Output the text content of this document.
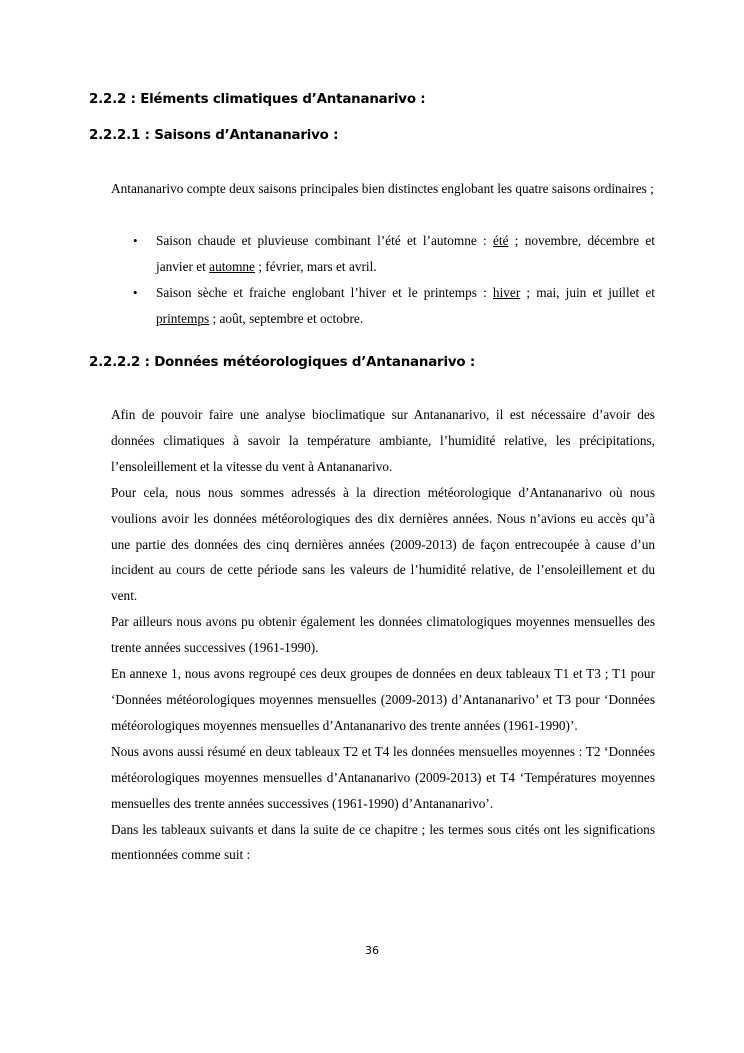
2.2.2 : Eléments climatiques d’Antananarivo :
2.2.2.1 : Saisons d’Antananarivo :

Antananarivo compte deux saisons principales bien distinctes englobant les quatre saisons ordinaires ;

• Saison chaude et pluvieuse combinant l’été et l’automne : été ; novembre, décembre et janvier et automne ; février, mars et avril.
• Saison sèche et fraiche englobant l’hiver et le printemps : hiver ; mai, juin et juillet et printemps ; août, septembre et octobre.
2.2.2.2 : Données météorologiques d’Antananarivo :

Afin de pouvoir faire une analyse bioclimatique sur Antananarivo, il est nécessaire d’avoir des données climatiques à savoir la température ambiante, l’humidité relative, les précipitations, l’ensoleillement et la vitesse du vent à Antananarivo.

Pour cela, nous nous sommes adressés à la direction météorologique d’Antananarivo où nous voulions avoir les données météorologiques des dix dernières années. Nous n’avions eu accès qu’à une partie des données des cinq dernières années (2009-2013) de façon entrecoupée à cause d’un incident au cours de cette période sans les valeurs de l’humidité relative, de l’ensoleillement et du vent.

Par ailleurs nous avons pu obtenir également les données climatologiques moyennes mensuelles des trente années successives (1961-1990).

En annexe 1, nous avons regroupé ces deux groupes de données en deux tableaux T1 et T3 ; T1 pour ‘Données météorologiques moyennes mensuelles (2009-2013) d’Antananarivo’ et T3 pour ‘Données météorologiques moyennes mensuelles d’Antananarivo des trente années (1961-1990)’.

Nous avons aussi résumé en deux tableaux T2 et T4 les données mensuelles moyennes : T2 ‘Données météorologiques moyennes mensuelles d’Antananarivo (2009-2013) et T4 ‘Températures moyennes mensuelles des trente années successives (1961-1990) d’Antananarivo’.

Dans les tableaux suivants et dans la suite de ce chapitre ; les termes sous cités ont les significations mentionnées comme suit :

36
